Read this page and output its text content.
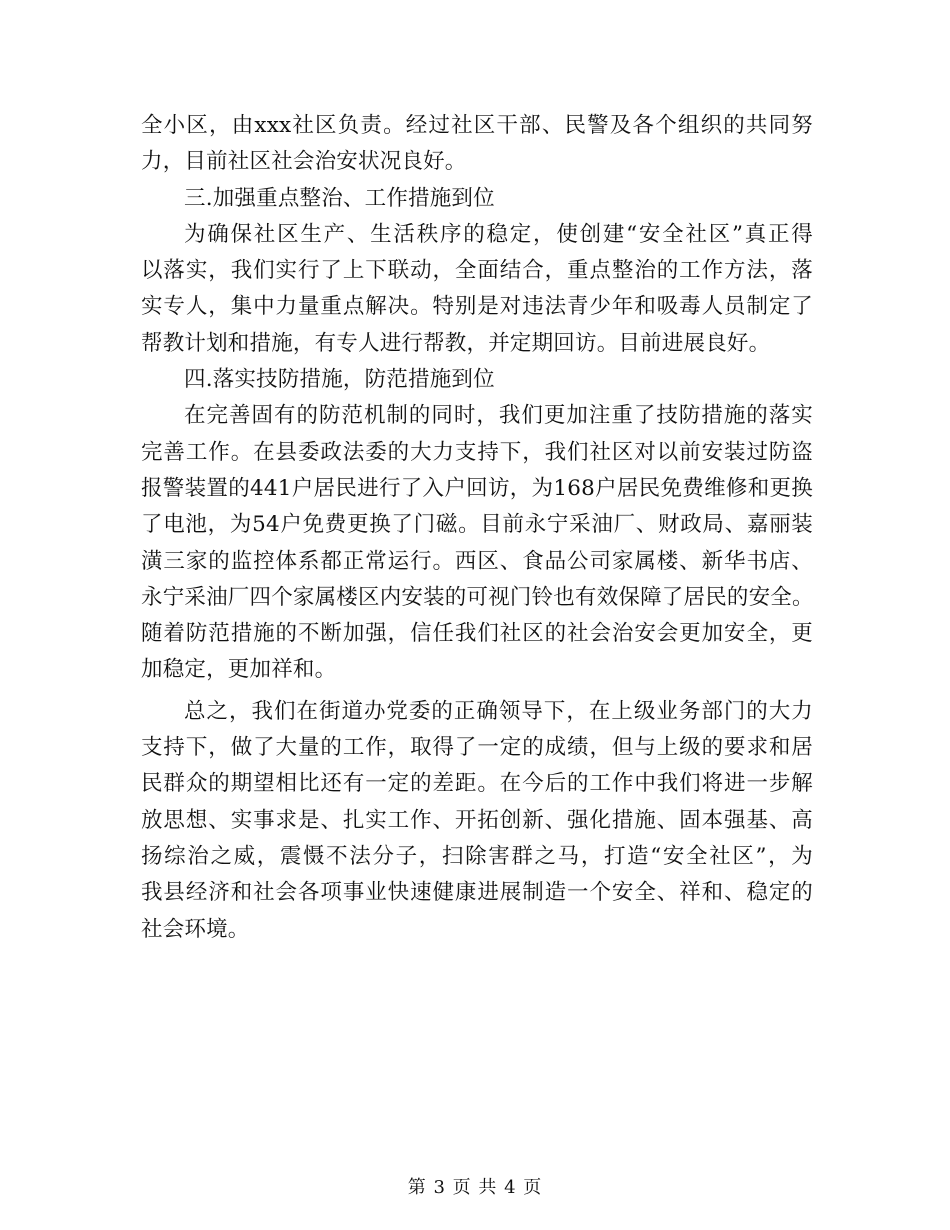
全小区，由xxx社区负责。经过社区干部、民警及各个组织的共同努
力，目前社区社会治安状况良好。
三.加强重点整治、工作措施到位
为确保社区生产、生活秩序的稳定，使创建“安全社区”真正得
以落实，我们实行了上下联动，全面结合，重点整治的工作方法，落
实专人，集中力量重点解决。特别是对违法青少年和吸毒人员制定了
帮教计划和措施，有专人进行帮教，并定期回访。目前进展良好。
四.落实技防措施，防范措施到位
在完善固有的防范机制的同时，我们更加注重了技防措施的落实
完善工作。在县委政法委的大力支持下，我们社区对以前安装过防盗
报警装置的441户居民进行了入户回访，为168户居民免费维修和更换
了电池，为54户免费更换了门磁。目前永宁采油厂、财政局、嘉丽装
潢三家的监控体系都正常运行。西区、食品公司家属楼、新华书店、
永宁采油厂四个家属楼区内安装的可视门铃也有效保障了居民的安全。
随着防范措施的不断加强，信任我们社区的社会治安会更加安全，更
加稳定，更加祥和。
总之，我们在街道办党委的正确领导下，在上级业务部门的大力
支持下，做了大量的工作，取得了一定的成绩，但与上级的要求和居
民群众的期望相比还有一定的差距。在今后的工作中我们将进一步解
放思想、实事求是、扎实工作、开拓创新、强化措施、固本强基、高
扬综治之威，震慑不法分子，扫除害群之马，打造“安全社区”，为
我县经济和社会各项事业快速健康进展制造一个安全、祥和、稳定的
社会环境。
第 3 页 共 4 页
